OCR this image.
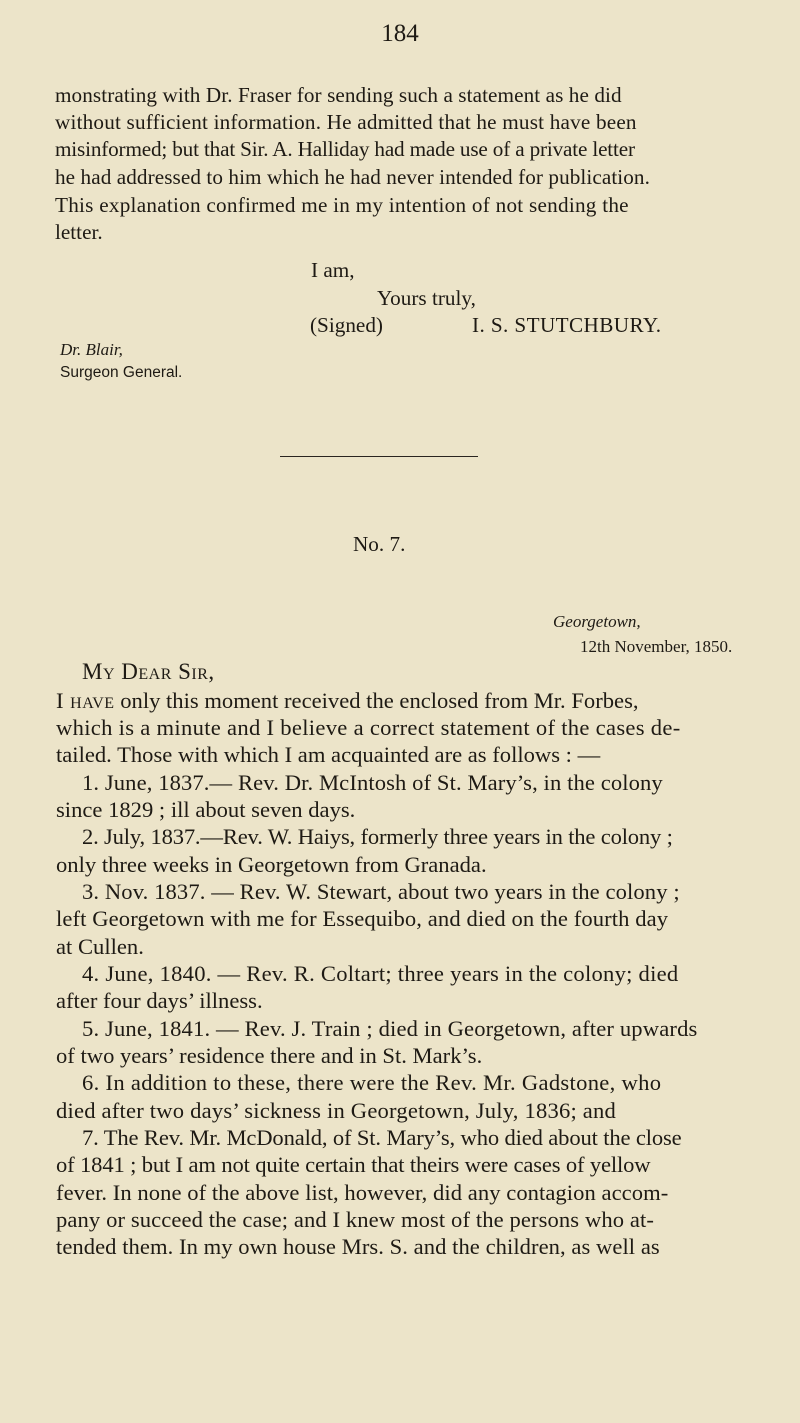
184
monstrating with Dr. Fraser for sending such a statement as he did
without sufficient information. He admitted that he must have been
misinformed; but that Sir. A. Halliday had made use of a private letter
he had addressed to him which he had never intended for publication.
This explanation confirmed me in my intention of not sending the
letter.
I am,
Yours truly,
(Signed)	I. S. STUTCHBURY.
Dr. Blair,
Surgeon General.
No. 7.
Georgetown,
12th November, 1850.
My Dear Sir,
I have only this moment received the enclosed from Mr. Forbes,
which is a minute and I believe a correct statement of the cases de-
tailed. Those with which I am acquainted are as follows : —
1. June, 1837.— Rev. Dr. McIntosh of St. Mary’s, in the colony
since 1829 ; ill about seven days.
2. July, 1837.—Rev. W. Haiys, formerly three years in the colony ;
only three weeks in Georgetown from Granada.
3. Nov. 1837. — Rev. W. Stewart, about two years in the colony ;
left Georgetown with me for Essequibo, and died on the fourth day
at Cullen.
4. June, 1840. — Rev. R. Coltart; three years in the colony; died
after four days’ illness.
5. June, 1841. — Rev. J. Train ; died in Georgetown, after upwards
of two years’ residence there and in St. Mark’s.
6. In addition to these, there were the Rev. Mr. Gadstone, who
died after two days’ sickness in Georgetown, July, 1836; and
7. The Rev. Mr. McDonald, of St. Mary’s, who died about the close
of 1841 ; but I am not quite certain that theirs were cases of yellow
fever. In none of the above list, however, did any contagion accom-
pany or succeed the case; and I knew most of the persons who at-
tended them. In my own house Mrs. S. and the children, as well as
